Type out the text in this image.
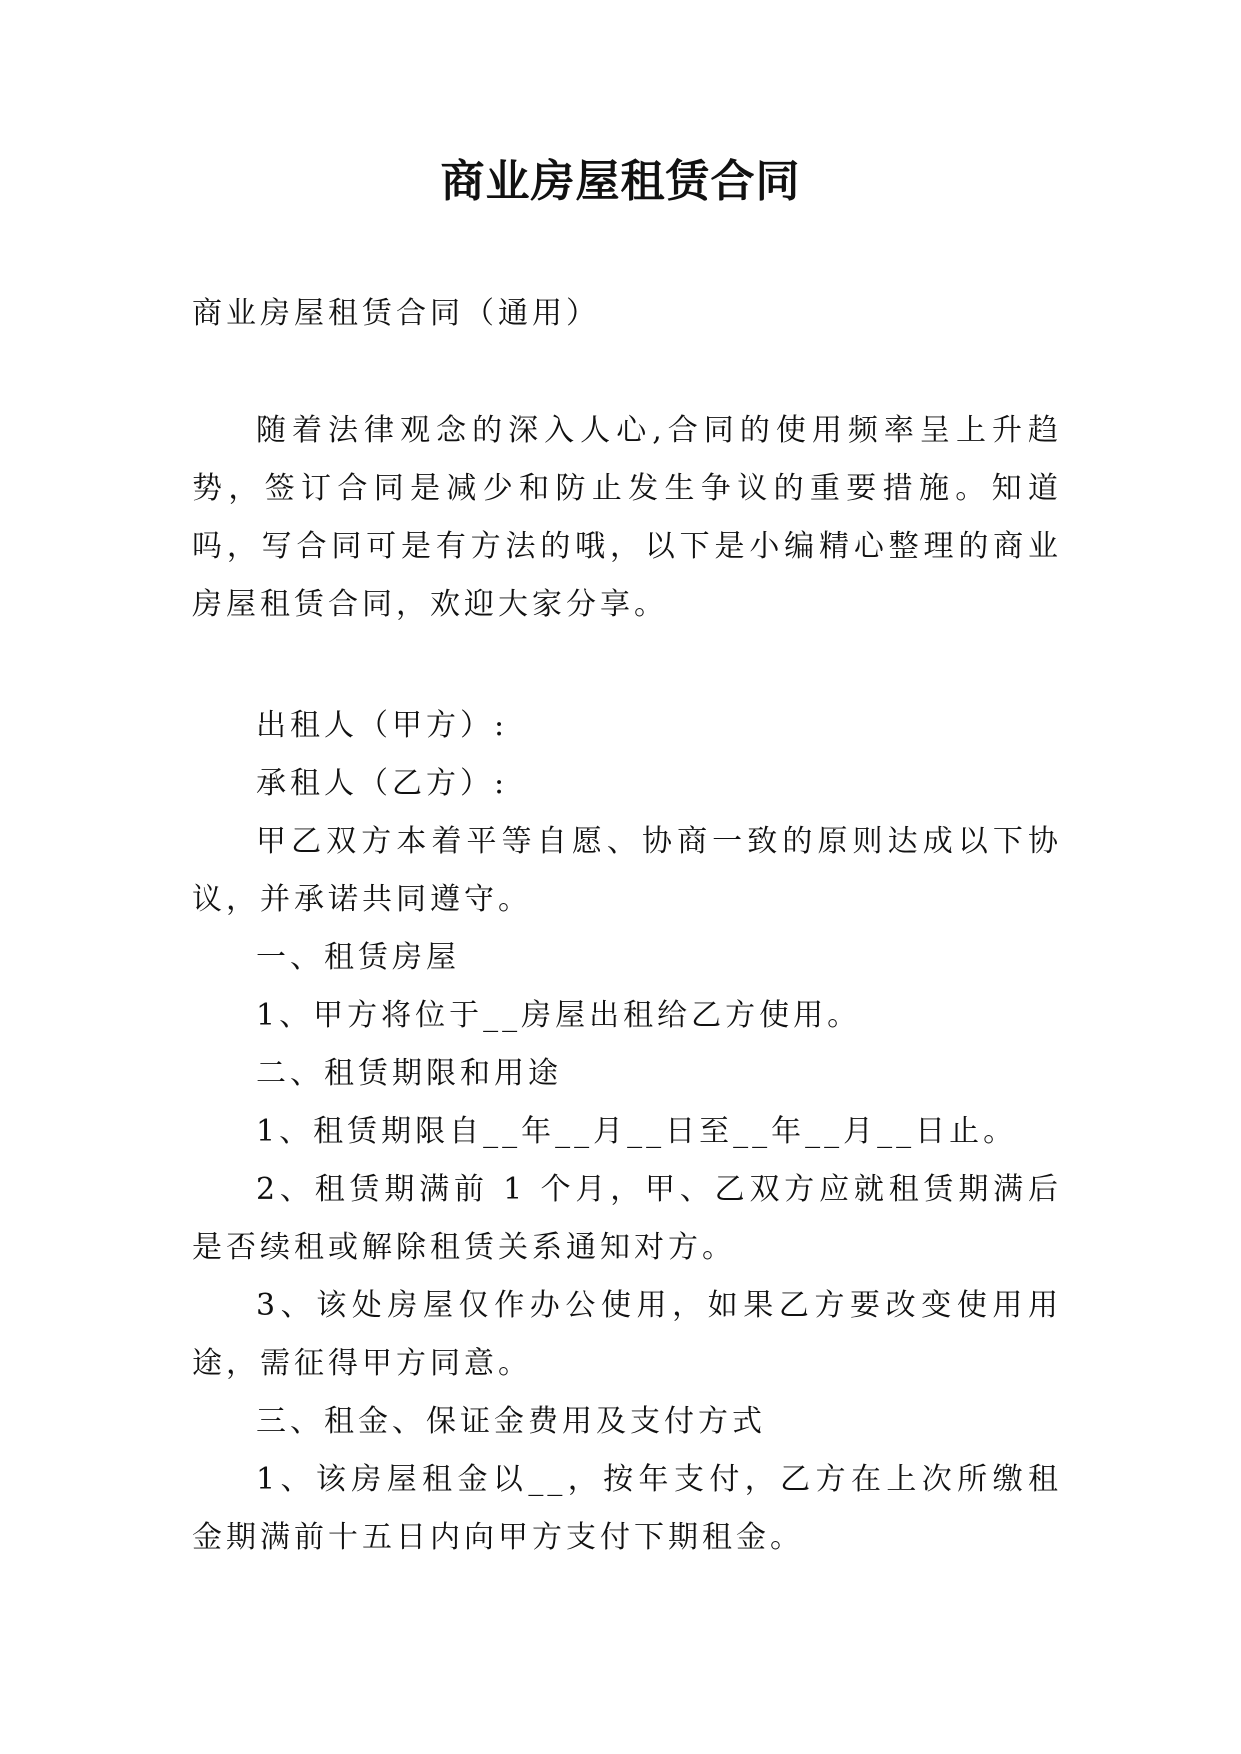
商业房屋租赁合同
商业房屋租赁合同（通用）

随着法律观念的深入人心,合同的使用频率呈上升趋势，签订合同是减少和防止发生争议的重要措施。知道吗，写合同可是有方法的哦，以下是小编精心整理的商业房屋租赁合同，欢迎大家分享。

出租人（甲方）:

承租人（乙方）:

甲乙双方本着平等自愿、协商一致的原则达成以下协议，并承诺共同遵守。

一、租赁房屋

1、甲方将位于__房屋出租给乙方使用。

二、租赁期限和用途

1、租赁期限自__年__月__日至__年__月__日止。

2、租赁期满前 1 个月，甲、乙双方应就租赁期满后是否续租或解除租赁关系通知对方。

3、该处房屋仅作办公使用，如果乙方要改变使用用途，需征得甲方同意。

三、租金、保证金费用及支付方式

1、该房屋租金以__，按年支付，乙方在上次所缴租金期满前十五日内向甲方支付下期租金。
